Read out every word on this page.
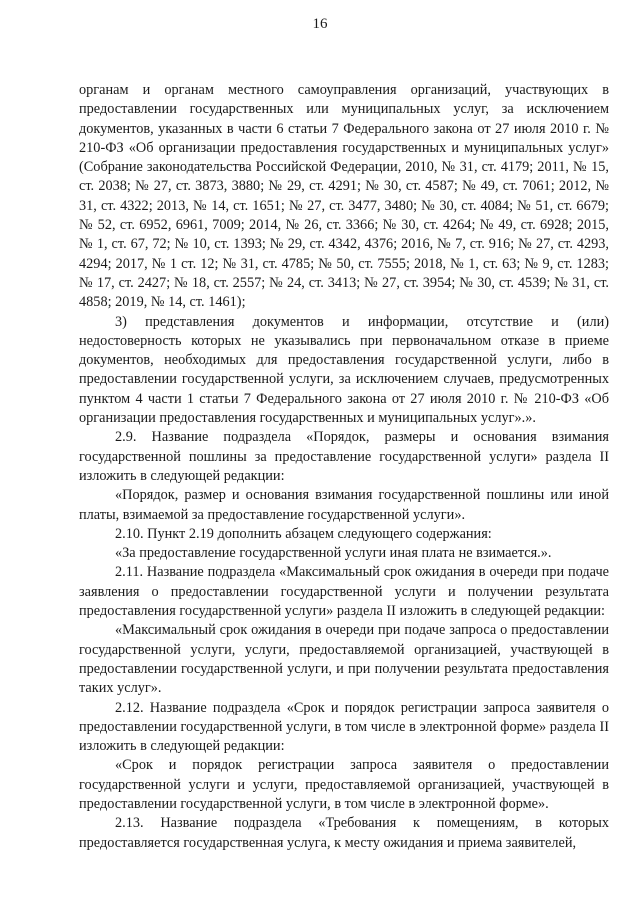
16

органам и органам местного самоуправления организаций, участвующих в предоставлении государственных или муниципальных услуг, за исключением документов, указанных в части 6 статьи 7 Федерального закона от 27 июля 2010 г. № 210-ФЗ «Об организации предоставления государственных и муниципальных услуг» (Собрание законодательства Российской Федерации, 2010, № 31, ст. 4179; 2011, № 15, ст. 2038; № 27, ст. 3873, 3880; № 29, ст. 4291; № 30, ст. 4587; № 49, ст. 7061; 2012, № 31, ст. 4322; 2013, № 14, ст. 1651; № 27, ст. 3477, 3480; № 30, ст. 4084; № 51, ст. 6679; № 52, ст. 6952, 6961, 7009; 2014, № 26, ст. 3366; № 30, ст. 4264; № 49, ст. 6928; 2015, № 1, ст. 67, 72; № 10, ст. 1393; № 29, ст. 4342, 4376; 2016, № 7, ст. 916; № 27, ст. 4293, 4294; 2017, № 1 ст. 12; № 31, ст. 4785; № 50, ст. 7555; 2018, № 1, ст. 63; № 9, ст. 1283; № 17, ст. 2427; № 18, ст. 2557; № 24, ст. 3413; № 27, ст. 3954; № 30, ст. 4539; № 31, ст. 4858; 2019, № 14, ст. 1461);

3) представления документов и информации, отсутствие и (или) недостоверность которых не указывались при первоначальном отказе в приеме документов, необходимых для предоставления государственной услуги, либо в предоставлении государственной услуги, за исключением случаев, предусмотренных пунктом 4 части 1 статьи 7 Федерального закона от 27 июля 2010 г. № 210-ФЗ «Об организации предоставления государственных и муниципальных услуг».».

2.9. Название подраздела «Порядок, размеры и основания взимания государственной пошлины за предоставление государственной услуги» раздела II изложить в следующей редакции:

«Порядок, размер и основания взимания государственной пошлины или иной платы, взимаемой за предоставление государственной услуги».

2.10. Пункт 2.19 дополнить абзацем следующего содержания:

«За предоставление государственной услуги иная плата не взимается.».

2.11. Название подраздела «Максимальный срок ожидания в очереди при подаче заявления о предоставлении государственной услуги и получении результата предоставления государственной услуги» раздела II изложить в следующей редакции:

«Максимальный срок ожидания в очереди при подаче запроса о предоставлении государственной услуги, услуги, предоставляемой организацией, участвующей в предоставлении государственной услуги, и при получении результата предоставления таких услуг».

2.12. Название подраздела «Срок и порядок регистрации запроса заявителя о предоставлении государственной услуги, в том числе в электронной форме» раздела II изложить в следующей редакции:

«Срок и порядок регистрации запроса заявителя о предоставлении государственной услуги и услуги, предоставляемой организацией, участвующей в предоставлении государственной услуги, в том числе в электронной форме».

2.13. Название подраздела «Требования к помещениям, в которых предоставляется государственная услуга, к месту ожидания и приема заявителей,
